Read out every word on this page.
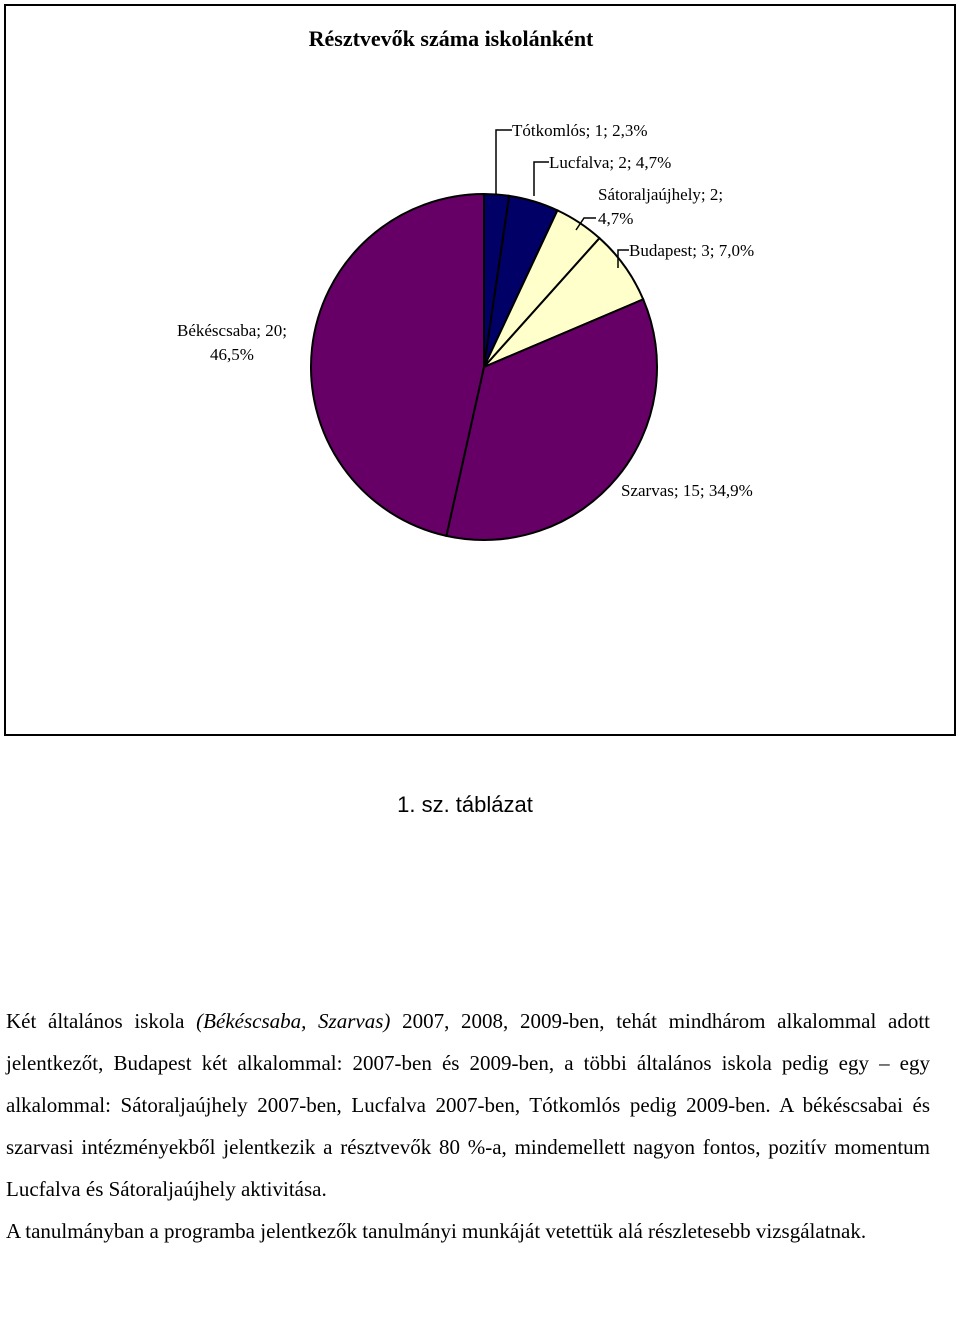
Résztvevők száma iskolánként
Tótkomlós; 1; 2,3%
Lucfalva; 2; 4,7%
Sátoraljaújhely; 2; 4,7%
Budapest; 3; 7,0%
Szarvas; 15; 34,9%
Békéscsaba; 20; 46,5%
1. sz. táblázat

Két általános iskola (Békéscsaba, Szarvas) 2007, 2008, 2009-ben, tehát mindhárom alkalommal adott jelentkezőt, Budapest két alkalommal: 2007-ben és 2009-ben, a többi általános iskola pedig egy – egy alkalommal: Sátoraljaújhely 2007-ben, Lucfalva 2007-ben, Tótkomlós pedig 2009-ben. A békéscsabai és szarvasi intézményekből jelentkezik a résztvevők 80 %-a, mindemellett nagyon fontos, pozitív momentum Lucfalva és Sátoraljaújhely aktivitása.

A tanulmányban a programba jelentkezők tanulmányi munkáját vetettük alá részletesebb vizsgálatnak.
